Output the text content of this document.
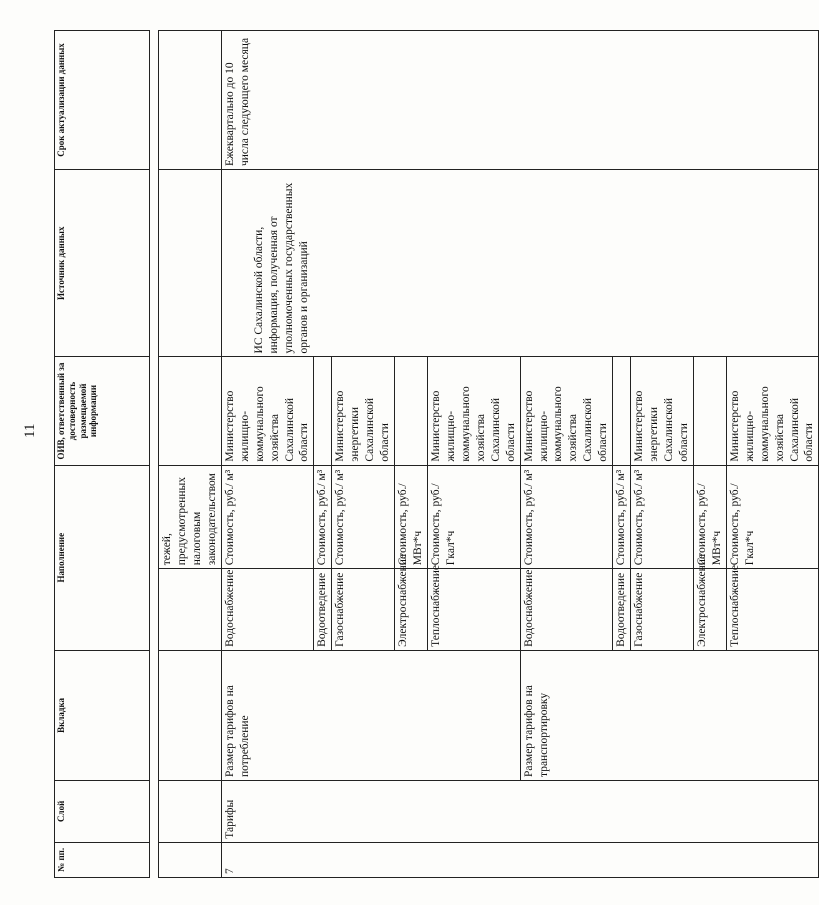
11
№ пп.	Слой	Вкладка	Наполнение		ОИВ, ответственный за достоверность размещаемой информации	Источник данных	Срок актуализации данных

				тежей, предусмотренных налоговым законодательством			
7	Тарифы	Размер тарифов на потребление	Водоснабжение	Стоимость, руб./ м³	Министерство жилищно-коммунального хозяйства Сахалинской области	ИС Сахалинской области, информация, полученная от уполномоченных государственных органов и организаций	Ежеквартально до 10 числа следующего месяца
			Водоотведение	Стоимость, руб./ м³			
			Газоснабжение	Стоимость, руб./ м³	Министерство энергетики Сахалинской области		
			Электроснабжение	Стоимость, руб./ МВт*ч			
			Теплоснабжение	Стоимость, руб./ Гкал*ч	Министерство жилищно-коммунального хозяйства Сахалинской области		
		Размер тарифов на транспортировку	Водоснабжение	Стоимость, руб./ м³	Министерство жилищно-коммунального хозяйства Сахалинской области		
			Водоотведение	Стоимость, руб./ м³			
			Газоснабжение	Стоимость, руб./ м³	Министерство энергетики Сахалинской области		
			Электроснабжение	Стоимость, руб./ МВт*ч			
			Теплоснабжение	Стоимость, руб./ Гкал*ч	Министерство жилищно-коммунального хозяйства Сахалинской области		
